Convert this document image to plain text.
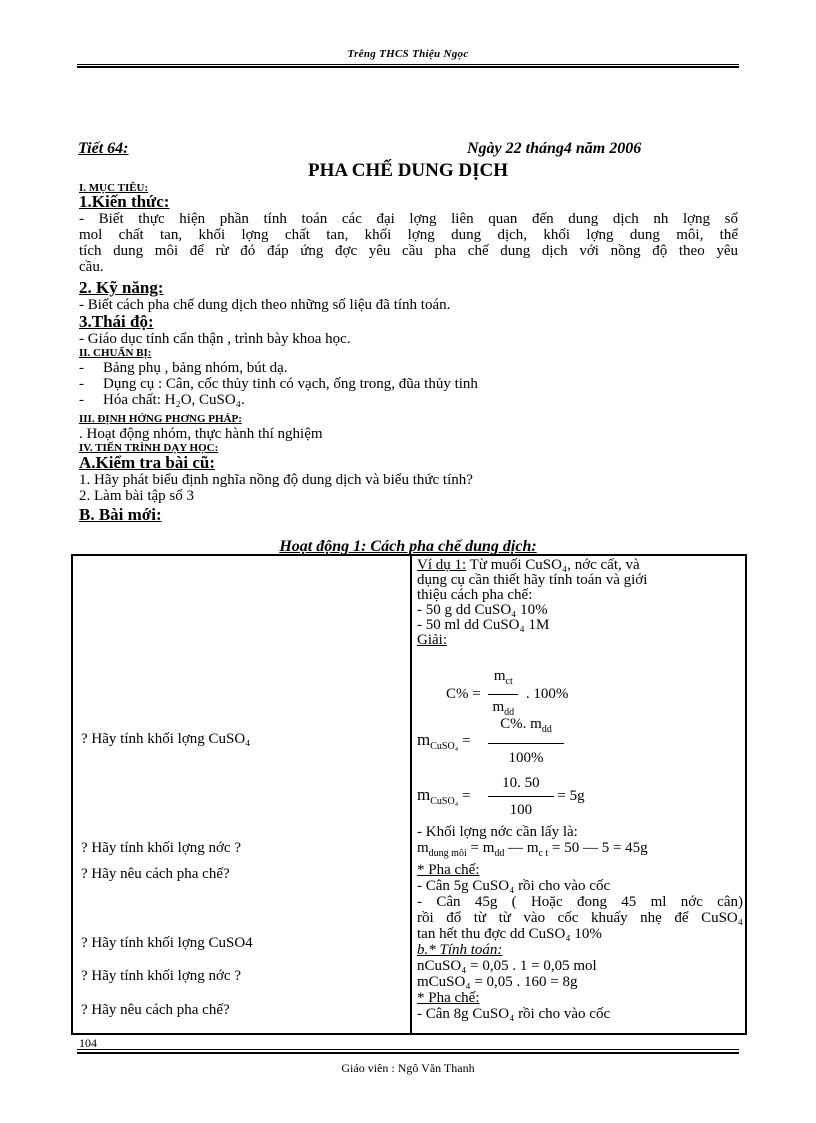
Trêng THCS Thiệu Ngọc
Tiết 64:	Ngày 22 tháng4 năm 2006
PHA CHẾ DUNG DỊCH
I. MỤC TIÊU:
1.Kiến thức:
- Biết thực hiện phần tính toán các đại lợng liên quan đến dung dịch nh lợng số
mol chất tan, khối lợng chất tan, khối lợng dung dịch, khối lợng dung môi, thể
tích dung môi để rừ đó đáp ứng đợc yêu cầu pha chế dung dịch với nồng độ theo yêu
cầu.
2. Kỹ năng:
- Biết cách pha chế dung dịch theo những số liệu đã tính toán.
3.Thái độ:
- Giáo dục tính cẩn thận , trình bày khoa học.
II. CHUẨN BỊ:
- Bảng phụ , bảng nhóm, bút dạ.
- Dụng cụ : Cân, cốc thủy tinh có vạch, ống trong, đũa thủy tinh
- Hóa chất: H₂O, CuSO₄.
III. ĐỊNH HỚNG PHƠNG PHÁP:
. Hoạt động nhóm, thực hành thí nghiệm
IV. TIẾN TRÌNH DẠY HỌC:
A.Kiểm tra bài cũ:
1. Hãy phát biểu định nghĩa nồng độ dung dịch và biểu thức tính?
2. Làm bài tập số 3
B. Bài mới:
Hoạt động 1: Cách pha chế dung dịch:
? Hãy tính khối lợng CuSO₄
? Hãy tính khối lợng nớc ?
? Hãy nêu cách pha chế?
? Hãy tính khối lợng CuSO4
? Hãy tính khối lợng nớc ?
? Hãy nêu cách pha chế?

Ví dụ 1: Từ muối CuSO₄, nớc cất, và
dụng cụ cần thiết hãy tính toán và giới
thiệu cách pha chế:
- 50 g dd CuSO₄ 10%
- 50 ml dd CuSO₄ 1M
Giải:
$C\% = \frac{m_{ct}}{m_{dd}}$ . 100%
$m_{CuSO_4} = \frac{C\%. m_{dd}}{100\%}$
$m_{CuSO_4} = \frac{10. 50}{100} = 5g$
- Khối lợng nớc cần lấy là:
$m_{dung môi} = m_{dd}$ — $m_{c t} = 50$ — 5 = 45g
* Pha chế:
- Cân 5g CuSO₄ rồi cho vào cốc
- Cân 45g ( Hoặc đong 45 ml nớc cân)
rồi đổ từ từ vào cốc khuấy nhẹ để CuSO₄
tan hết thu đợc dd CuSO₄ 10%
b.* Tính toán:
nCuSO₄ = 0,05 . 1 = 0,05 mol
mCuSO₄ = 0,05 . 160 = 8g
* Pha chế:
- Cân 8g CuSO₄ rồi cho vào cốc
104
Giáo viên : Ngô Văn Thanh
